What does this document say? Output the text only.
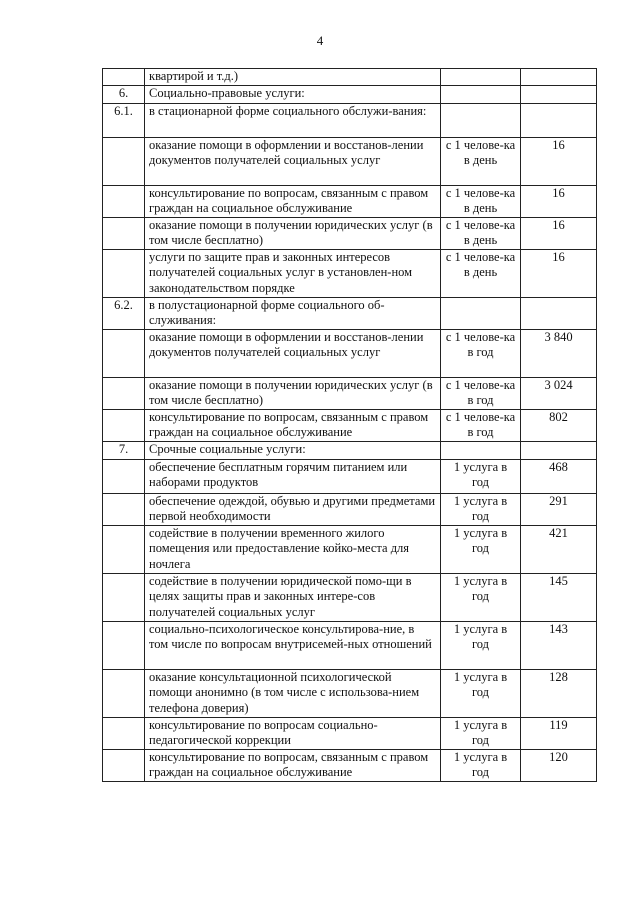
4
	квартирой и т.д.)		
6.	Социально-правовые услуги:		
6.1.	в стационарной форме социального обслужи-вания:		
	оказание помощи в оформлении и восстанов-лении документов получателей социальных услуг	с 1 челове-ка в день	16
	консультирование по вопросам, связанным с правом граждан на социальное обслуживание	с 1 челове-ка в день	16
	оказание помощи в получении юридических услуг (в том числе бесплатно)	с 1 челове-ка в день	16
	услуги по защите прав и законных интересов получателей социальных услуг в установлен-ном законодательством порядке	с 1 челове-ка в день	16
6.2.	в полустационарной форме социального об-служивания:		
	оказание помощи в оформлении и восстанов-лении документов получателей социальных услуг	с 1 челове-ка в год	3 840
	оказание помощи в получении юридических услуг (в том числе бесплатно)	с 1 челове-ка в год	3 024
	консультирование по вопросам, связанным с правом граждан на социальное обслуживание	с 1 челове-ка в год	802
7.	Срочные социальные услуги:		
	обеспечение бесплатным горячим питанием или наборами продуктов	1 услуга в год	468
	обеспечение одеждой, обувью и другими предметами первой необходимости	1 услуга в год	291
	содействие в получении временного жилого помещения или предоставление койко-места для ночлега	1 услуга в год	421
	содействие в получении юридической помо-щи в целях защиты прав и законных интере-сов получателей социальных услуг	1 услуга в год	145
	социально-психологическое консультирова-ние, в том числе по вопросам внутрисемей-ных отношений	1 услуга в год	143
	оказание консультационной психологической помощи анонимно (в том числе с использова-нием телефона доверия)	1 услуга в год	128
	консультирование по вопросам социально-педагогической коррекции	1 услуга в год	119
	консультирование по вопросам, связанным с правом граждан на социальное обслуживание	1 услуга в год	120
